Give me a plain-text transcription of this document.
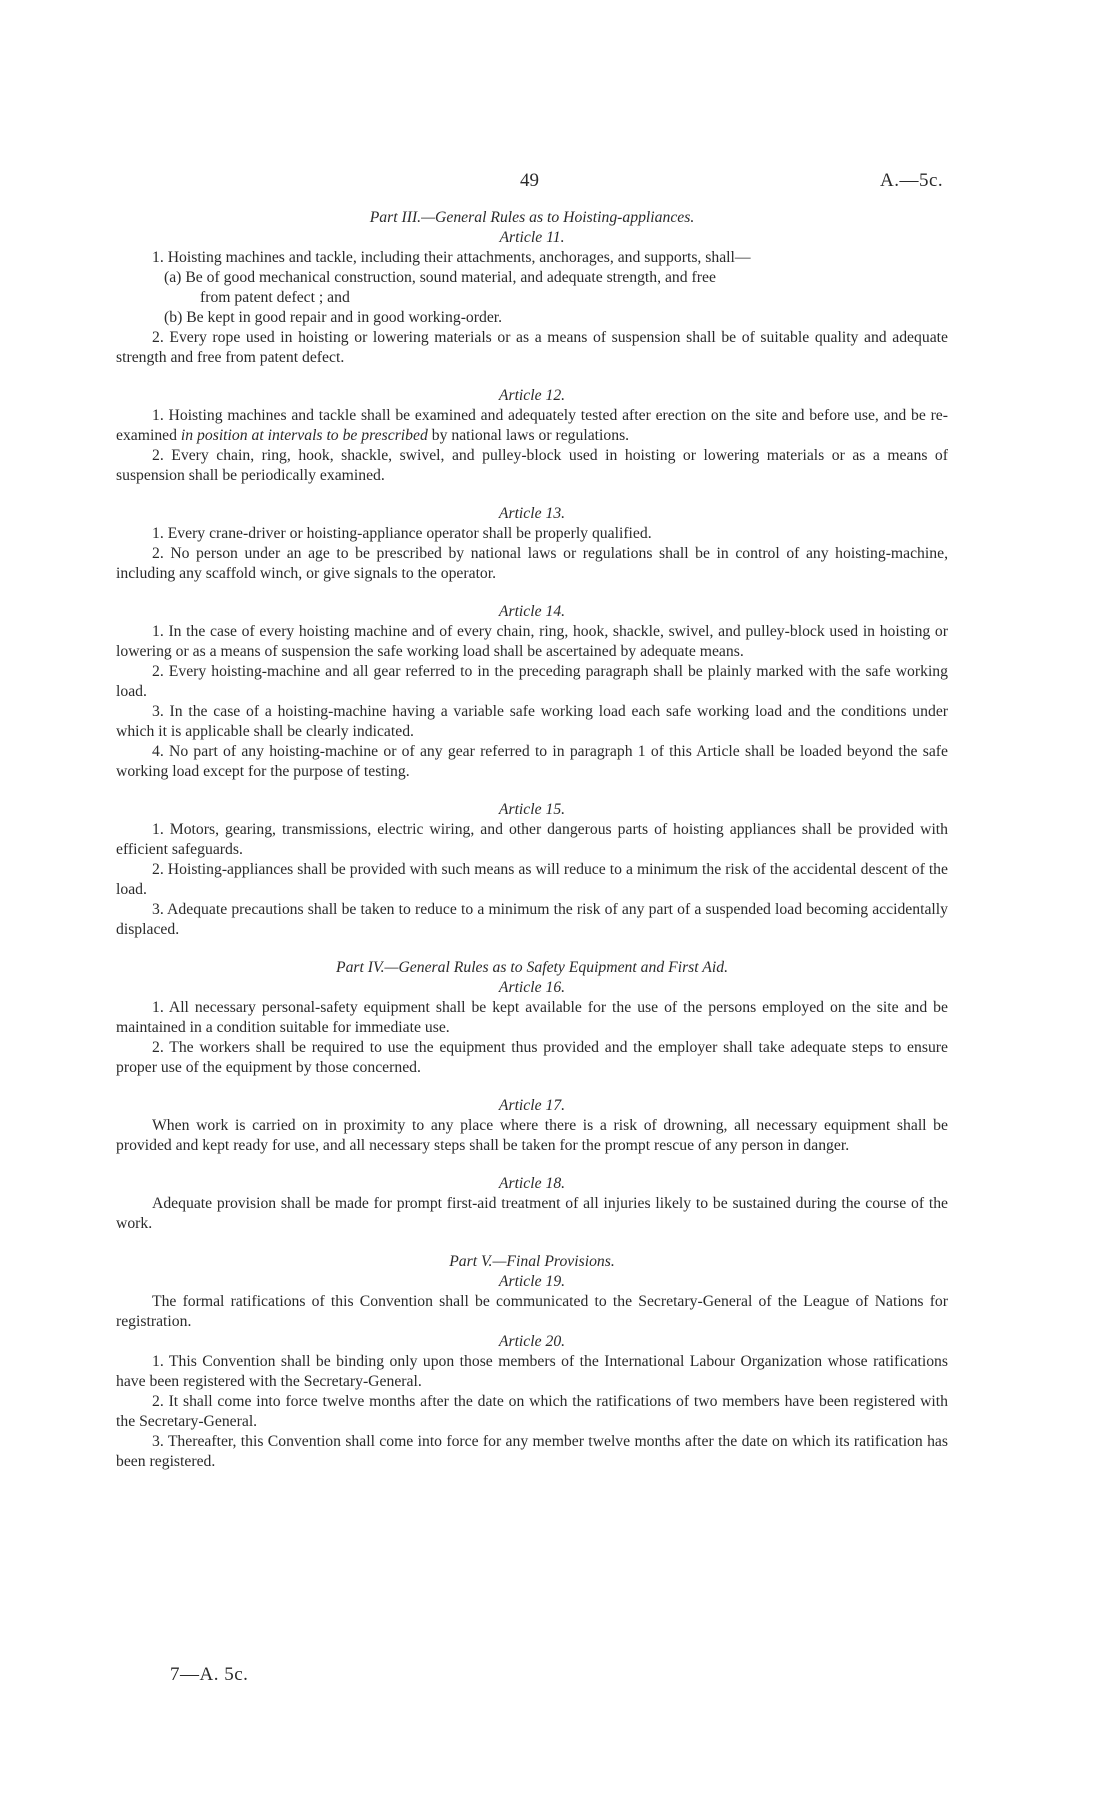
49	A.—5c.

Part III.—General Rules as to Hoisting-appliances.

Article 11.

1. Hoisting machines and tackle, including their attachments, anchorages, and supports, shall—

(a) Be of good mechanical construction, sound material, and adequate strength, and free

from patent defect ; and

(b) Be kept in good repair and in good working-order.

2. Every rope used in hoisting or lowering materials or as a means of suspension shall be of suitable quality and adequate strength and free from patent defect.

Article 12.

1. Hoisting machines and tackle shall be examined and adequately tested after erection on the site and before use, and be re-examined in position at intervals to be prescribed by national laws or regulations.

2. Every chain, ring, hook, shackle, swivel, and pulley-block used in hoisting or lowering materials or as a means of suspension shall be periodically examined.

Article 13.

1. Every crane-driver or hoisting-appliance operator shall be properly qualified.

2. No person under an age to be prescribed by national laws or regulations shall be in control of any hoisting-machine, including any scaffold winch, or give signals to the operator.

Article 14.

1. In the case of every hoisting machine and of every chain, ring, hook, shackle, swivel, and pulley-block used in hoisting or lowering or as a means of suspension the safe working load shall be ascertained by adequate means.

2. Every hoisting-machine and all gear referred to in the preceding paragraph shall be plainly marked with the safe working load.

3. In the case of a hoisting-machine having a variable safe working load each safe working load and the conditions under which it is applicable shall be clearly indicated.

4. No part of any hoisting-machine or of any gear referred to in paragraph 1 of this Article shall be loaded beyond the safe working load except for the purpose of testing.

Article 15.

1. Motors, gearing, transmissions, electric wiring, and other dangerous parts of hoisting appliances shall be provided with efficient safeguards.

2. Hoisting-appliances shall be provided with such means as will reduce to a minimum the risk of the accidental descent of the load.

3. Adequate precautions shall be taken to reduce to a minimum the risk of any part of a suspended load becoming accidentally displaced.

Part IV.—General Rules as to Safety Equipment and First Aid.

Article 16.

1. All necessary personal-safety equipment shall be kept available for the use of the persons employed on the site and be maintained in a condition suitable for immediate use.

2. The workers shall be required to use the equipment thus provided and the employer shall take adequate steps to ensure proper use of the equipment by those concerned.

Article 17.

When work is carried on in proximity to any place where there is a risk of drowning, all necessary equipment shall be provided and kept ready for use, and all necessary steps shall be taken for the prompt rescue of any person in danger.

Article 18.

Adequate provision shall be made for prompt first-aid treatment of all injuries likely to be sustained during the course of the work.

Part V.—Final Provisions.

Article 19.

The formal ratifications of this Convention shall be communicated to the Secretary-General of the League of Nations for registration.

Article 20.

1. This Convention shall be binding only upon those members of the International Labour Organization whose ratifications have been registered with the Secretary-General.

2. It shall come into force twelve months after the date on which the ratifications of two members have been registered with the Secretary-General.

3. Thereafter, this Convention shall come into force for any member twelve months after the date on which its ratification has been registered.

7—A. 5c.
